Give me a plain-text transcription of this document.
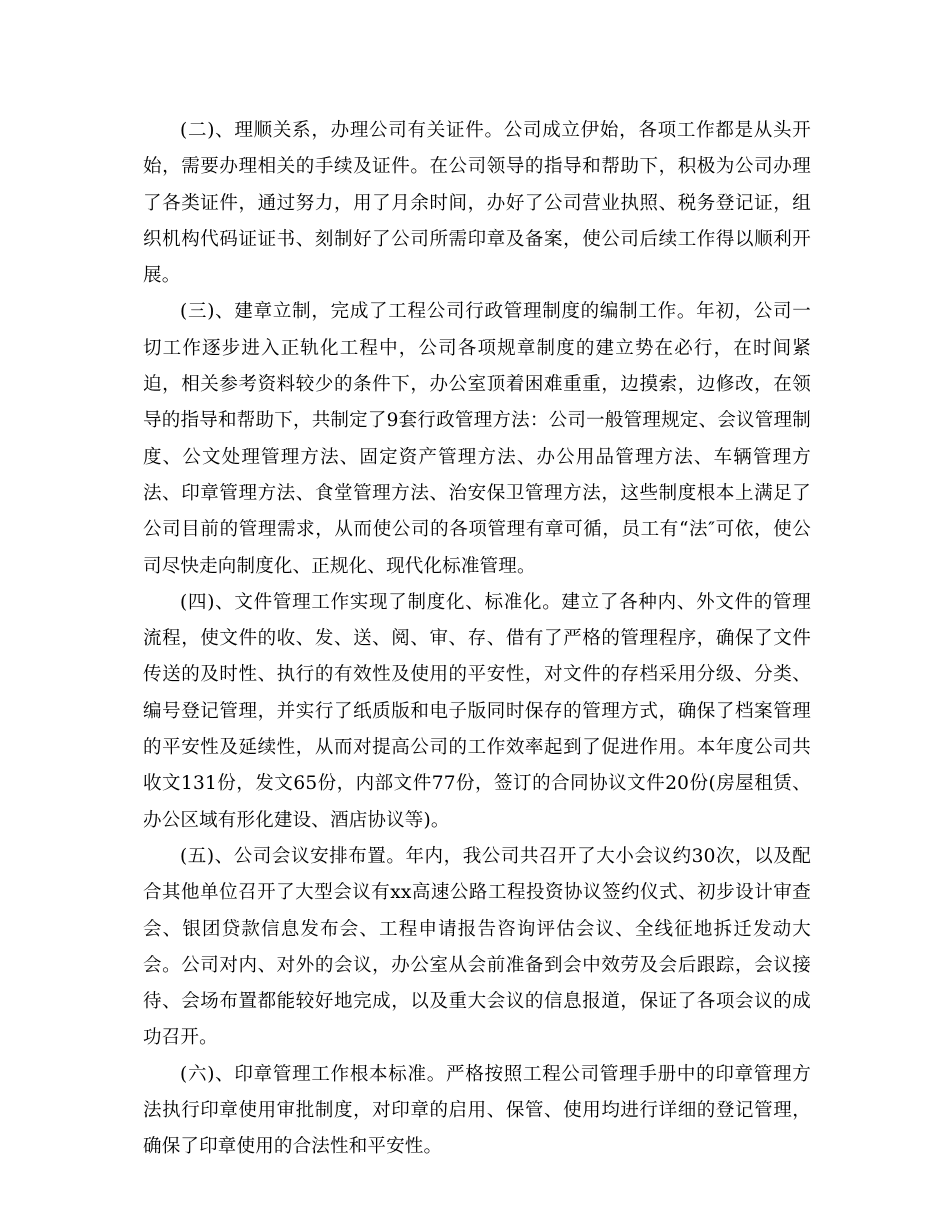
(二)、理顺关系，办理公司有关证件。公司成立伊始，各项工作都是从头开始，需要办理相关的手续及证件。在公司领导的指导和帮助下，积极为公司办理了各类证件，通过努力，用了月余时间，办好了公司营业执照、税务登记证，组织机构代码证证书、刻制好了公司所需印章及备案，使公司后续工作得以顺利开展。

(三)、建章立制，完成了工程公司行政管理制度的编制工作。年初，公司一切工作逐步进入正轨化工程中，公司各项规章制度的建立势在必行，在时间紧迫，相关参考资料较少的条件下，办公室顶着困难重重，边摸索，边修改，在领导的指导和帮助下，共制定了9套行政管理方法：公司一般管理规定、会议管理制度、公文处理管理方法、固定资产管理方法、办公用品管理方法、车辆管理方法、印章管理方法、食堂管理方法、治安保卫管理方法，这些制度根本上满足了公司目前的管理需求，从而使公司的各项管理有章可循，员工有“法″可依，使公司尽快走向制度化、正规化、现代化标准管理。

(四)、文件管理工作实现了制度化、标准化。建立了各种内、外文件的管理流程，使文件的收、发、送、阅、审、存、借有了严格的管理程序，确保了文件传送的及时性、执行的有效性及使用的平安性，对文件的存档采用分级、分类、编号登记管理，并实行了纸质版和电子版同时保存的管理方式，确保了档案管理的平安性及延续性，从而对提高公司的工作效率起到了促进作用。本年度公司共收文131份，发文65份，内部文件77份，签订的合同协议文件20份(房屋租赁、办公区域有形化建设、酒店协议等)。

(五)、公司会议安排布置。年内，我公司共召开了大小会议约30次，以及配合其他单位召开了大型会议有xx高速公路工程投资协议签约仪式、初步设计审查会、银团贷款信息发布会、工程申请报告咨询评估会议、全线征地拆迁发动大会。公司对内、对外的会议，办公室从会前准备到会中效劳及会后跟踪，会议接待、会场布置都能较好地完成，以及重大会议的信息报道，保证了各项会议的成功召开。

(六)、印章管理工作根本标准。严格按照工程公司管理手册中的印章管理方法执行印章使用审批制度，对印章的启用、保管、使用均进行详细的登记管理，确保了印章使用的合法性和平安性。
